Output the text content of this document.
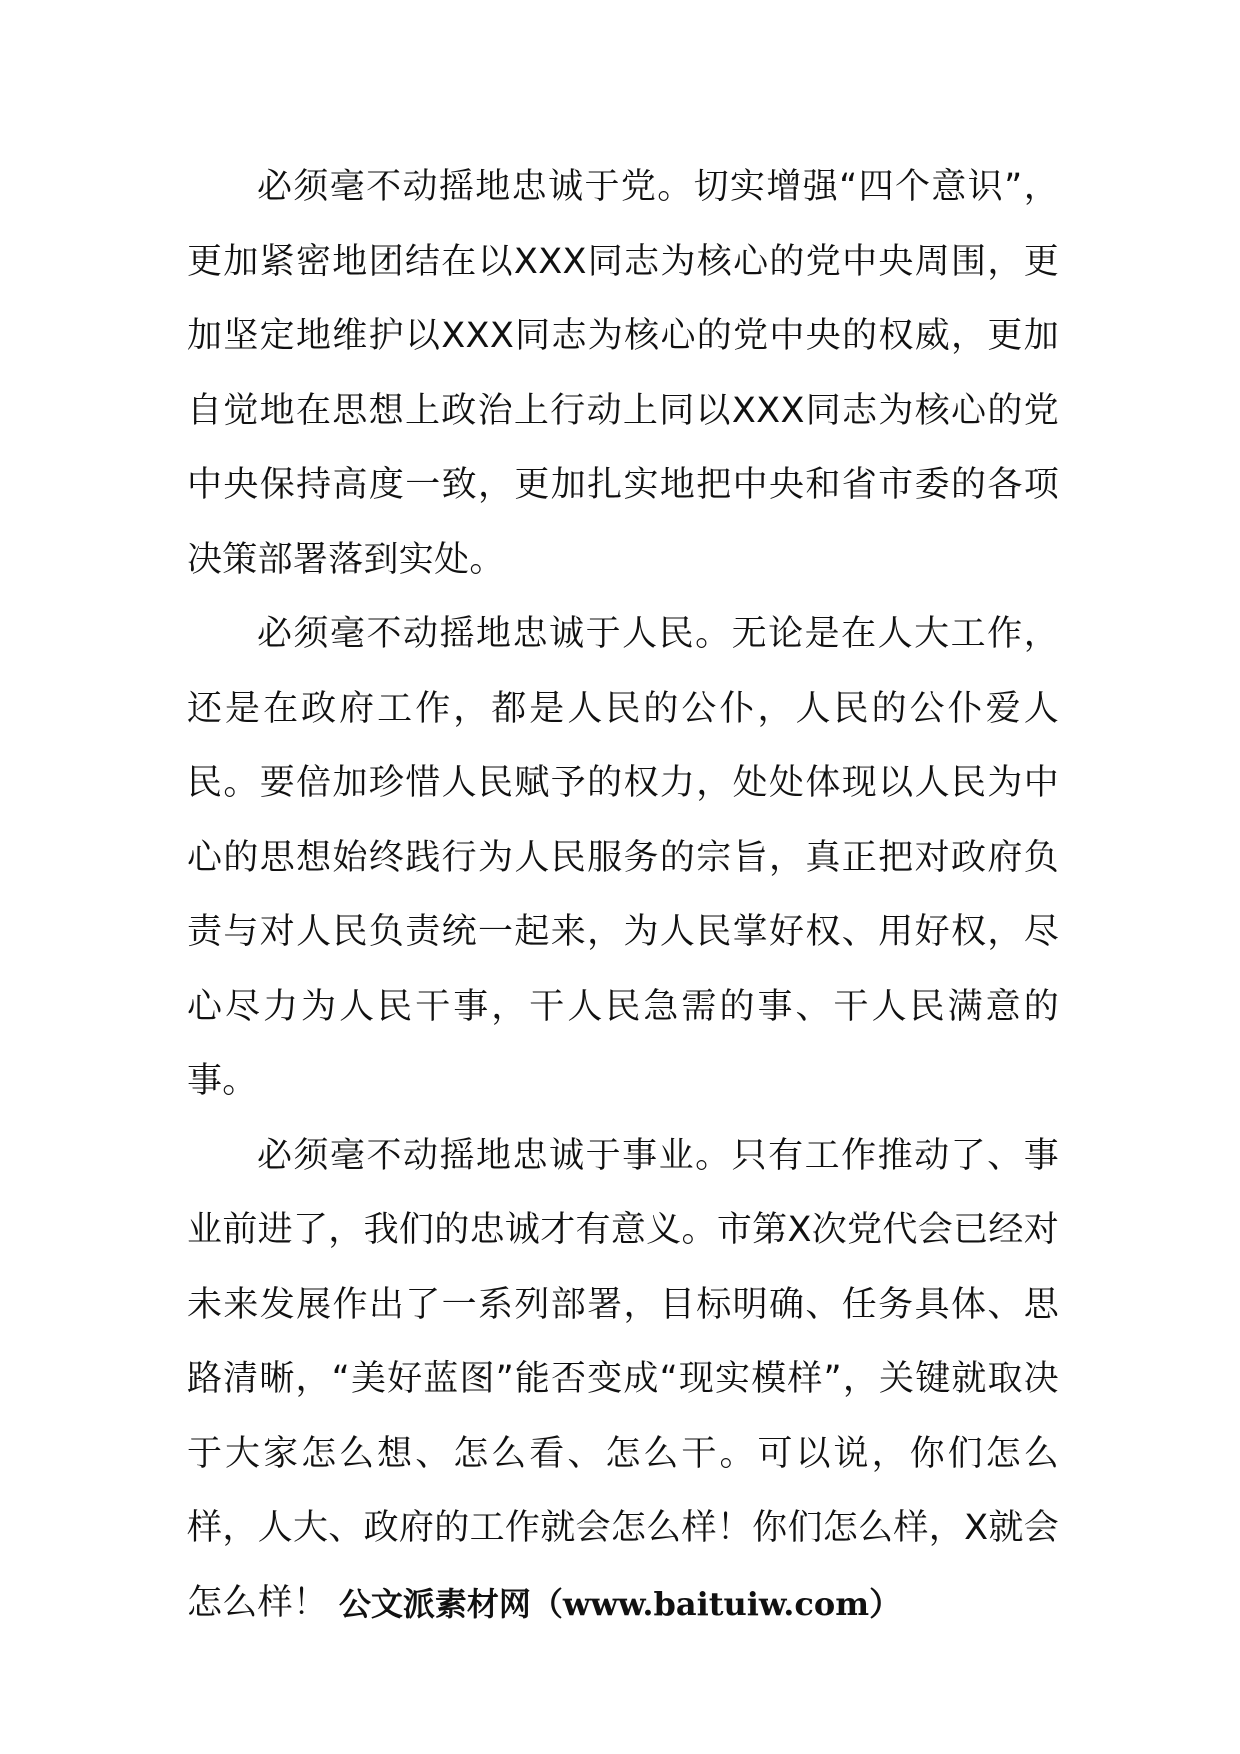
必须毫不动摇地忠诚于党。切实增强“四个意识”，更加紧密地团结在以XXX同志为核心的党中央周围，更加坚定地维护以XXX同志为核心的党中央的权威，更加自觉地在思想上政治上行动上同以XXX同志为核心的党中央保持高度一致，更加扎实地把中央和省市委的各项决策部署落到实处。

必须毫不动摇地忠诚于人民。无论是在人大工作，还是在政府工作，都是人民的公仆，人民的公仆爱人民。要倍加珍惜人民赋予的权力，处处体现以人民为中心的思想始终践行为人民服务的宗旨，真正把对政府负责与对人民负责统一起来，为人民掌好权、用好权，尽心尽力为人民干事，干人民急需的事、干人民满意的事。

必须毫不动摇地忠诚于事业。只有工作推动了、事业前进了，我们的忠诚才有意义。市第X次党代会已经对未来发展作出了一系列部署，目标明确、任务具体、思路清晰，“美好蓝图”能否变成“现实模样”，关键就取决于大家怎么想、怎么看、怎么干。可以说，你们怎么样，人大、政府的工作就会怎么样！你们怎么样，X就会怎么样！ 公文派素材网（www.baituiw.com）
